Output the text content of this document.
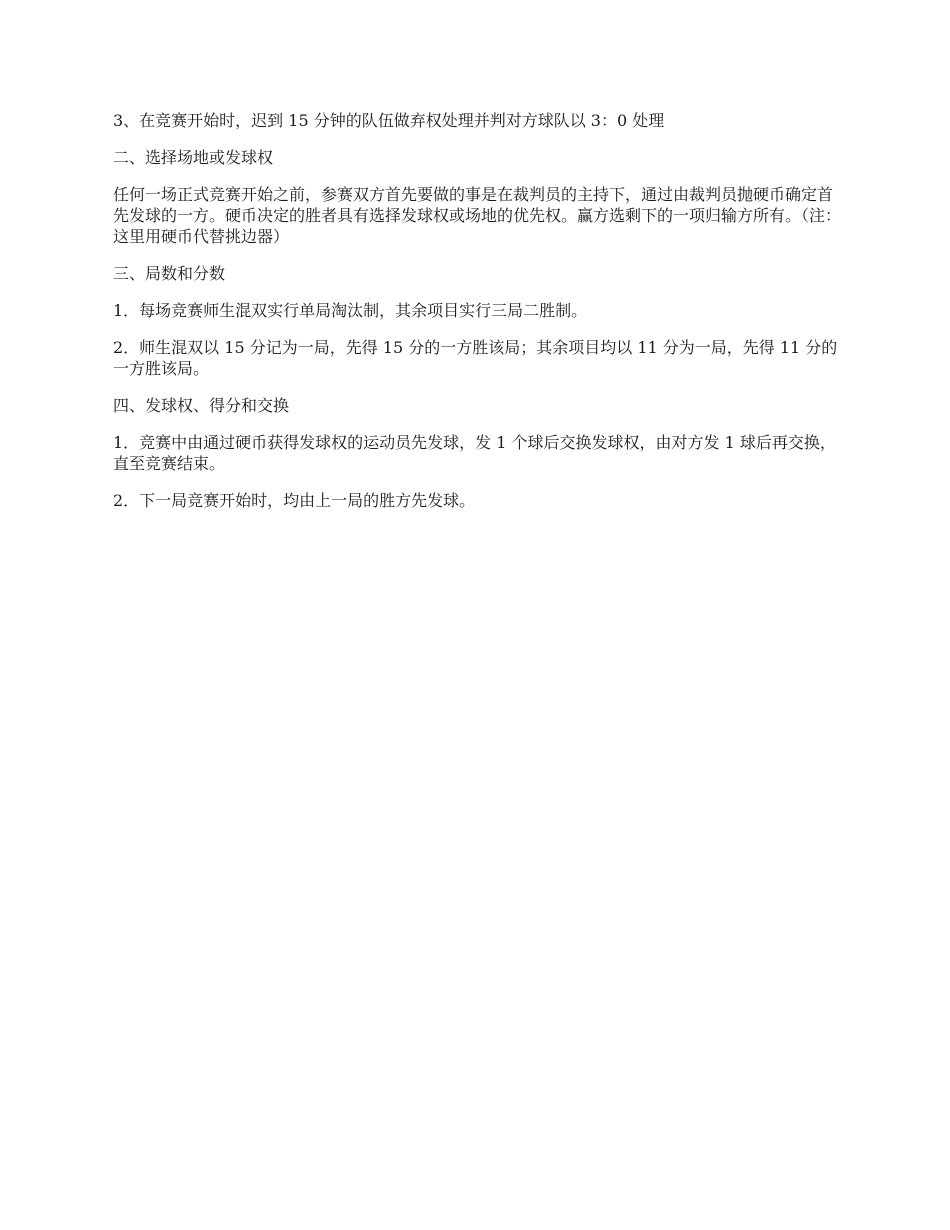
3、在竞赛开始时，迟到 15 分钟的队伍做弃权处理并判对方球队以 3：0 处理

二、选择场地或发球权

任何一场正式竞赛开始之前，参赛双方首先要做的事是在裁判员的主持下，通过由裁判员抛硬币确定首先发球的一方。硬币决定的胜者具有选择发球权或场地的优先权。赢方选剩下的一项归输方所有。（注：这里用硬币代替挑边器）

三、局数和分数

1．每场竞赛师生混双实行单局淘汰制，其余项目实行三局二胜制。

2．师生混双以 15 分记为一局，先得 15 分的一方胜该局；其余项目均以 11 分为一局，先得 11 分的一方胜该局。

四、发球权、得分和交换

1．竞赛中由通过硬币获得发球权的运动员先发球，发 1 个球后交换发球权，由对方发 1 球后再交换，直至竞赛结束。

2．下一局竞赛开始时，均由上一局的胜方先发球。
